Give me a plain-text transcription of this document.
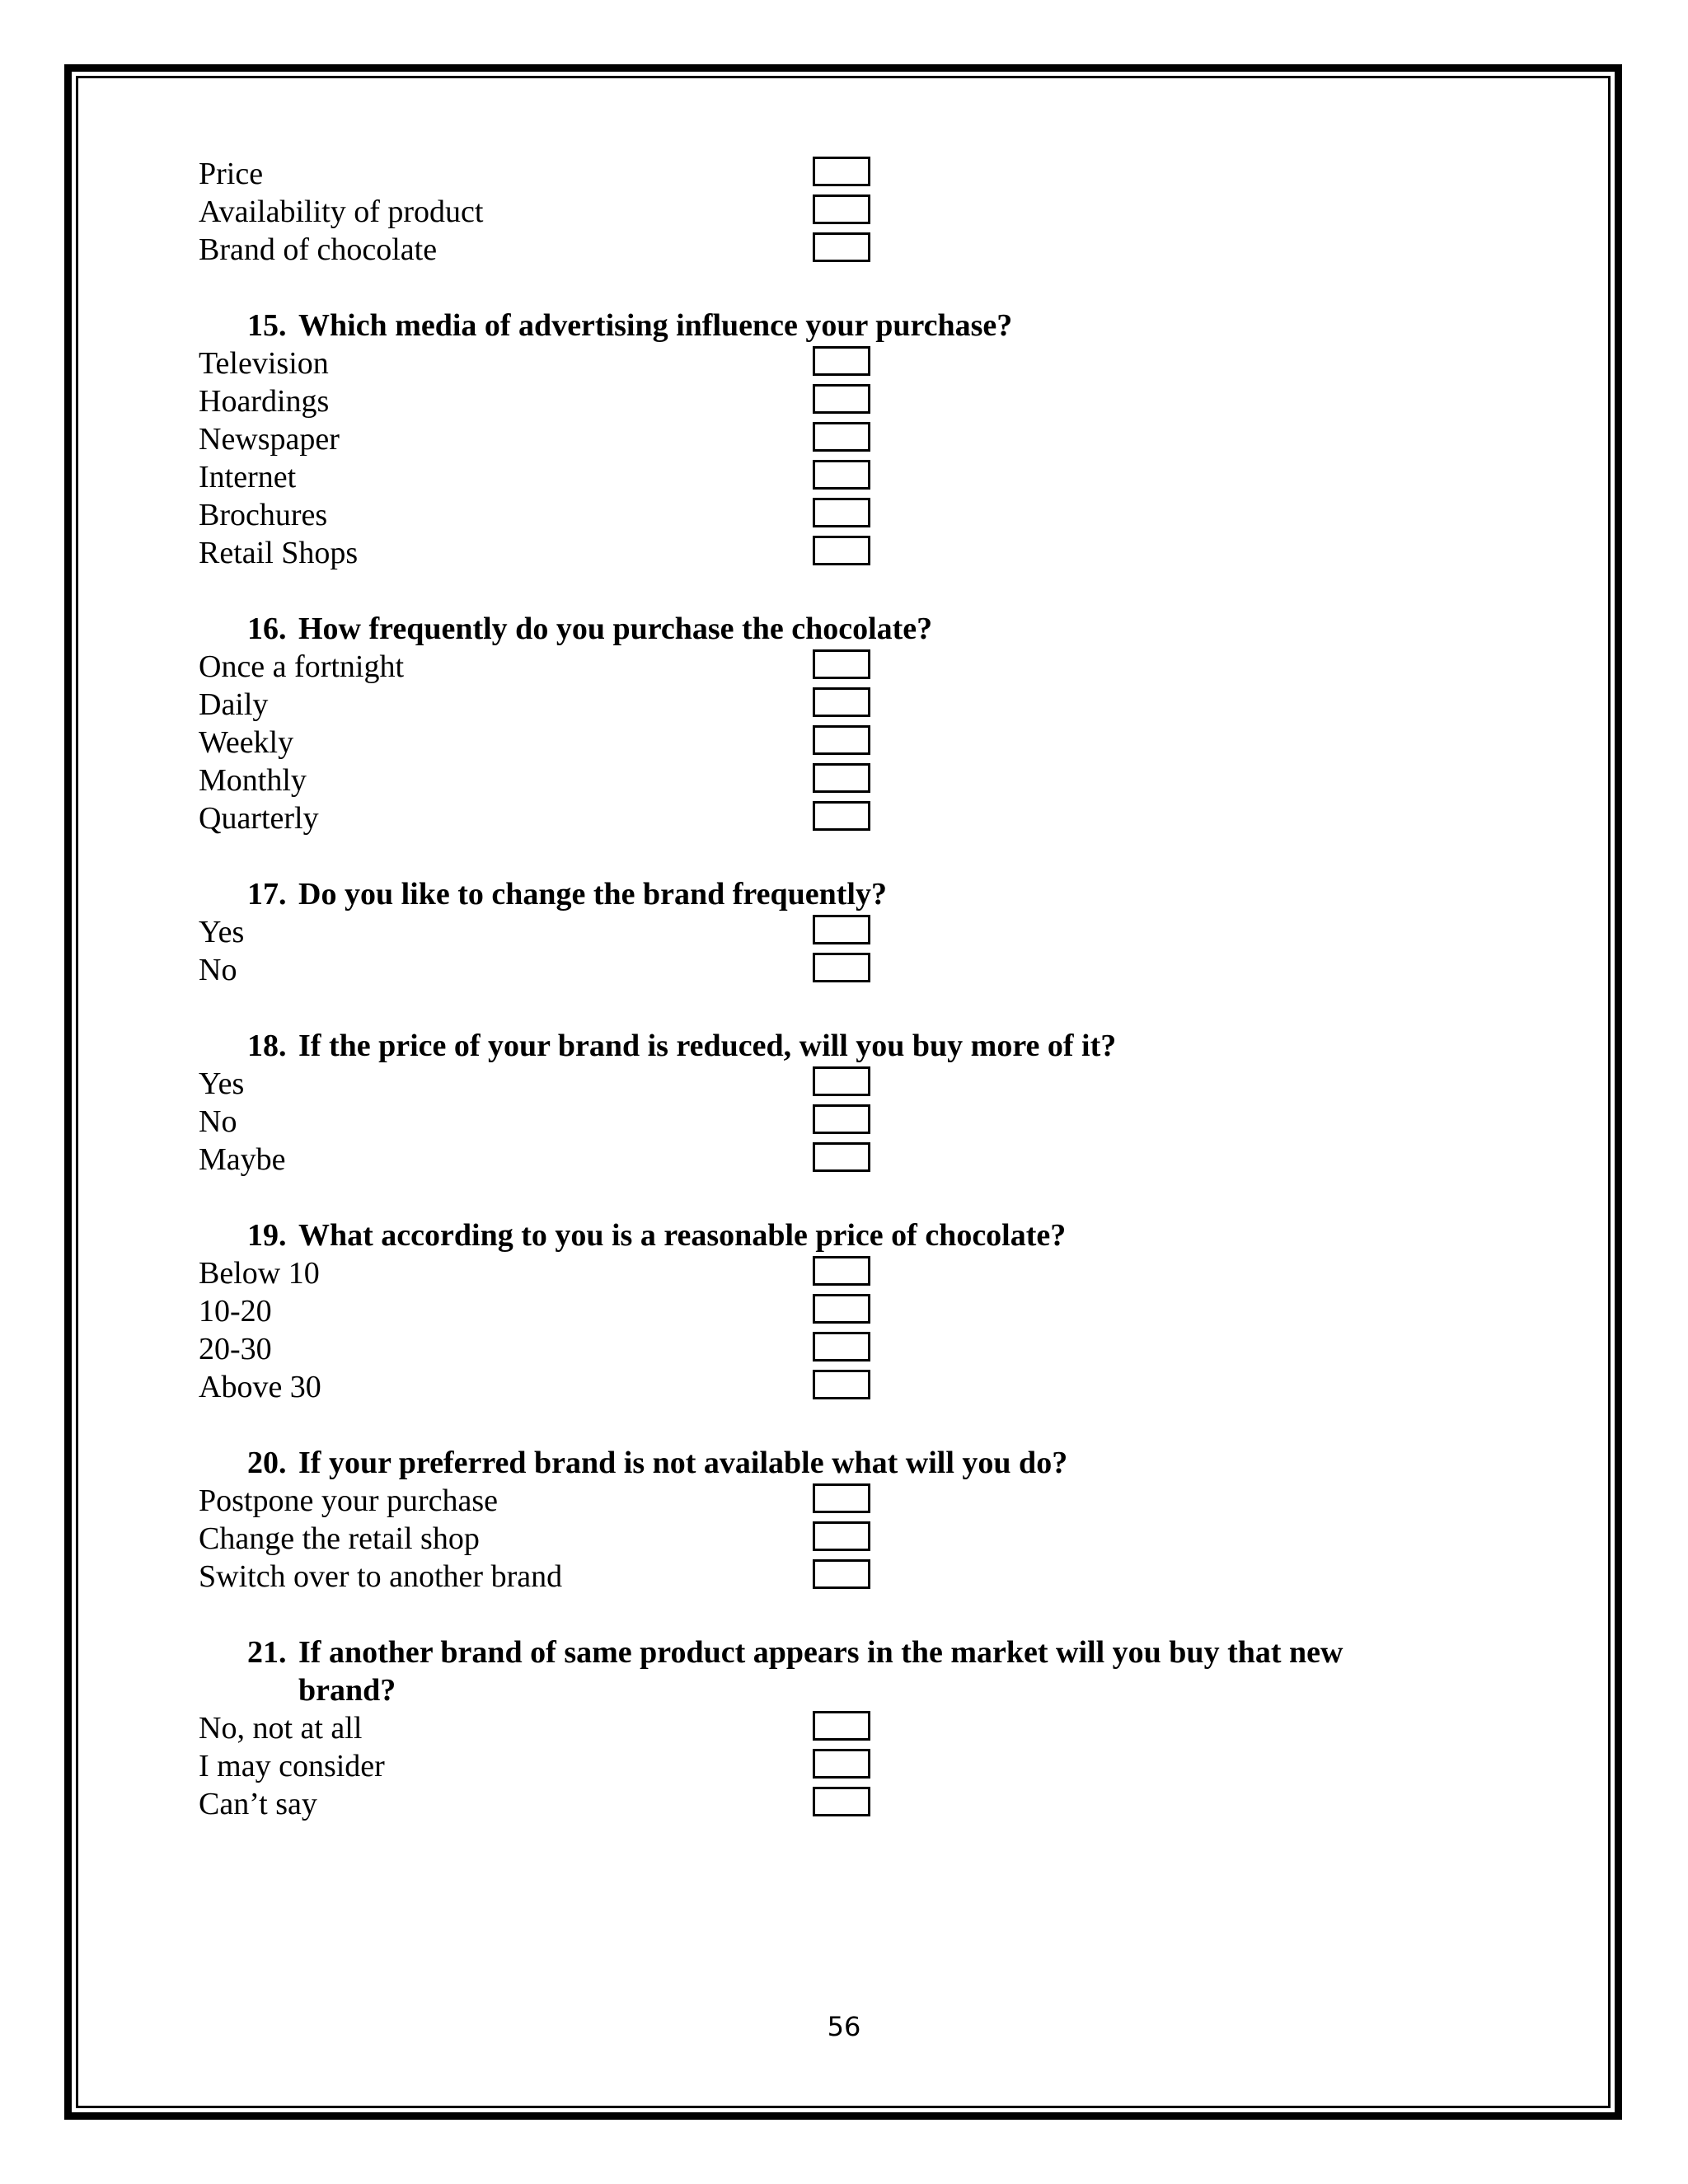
Price
Availability of product
Brand of chocolate
15. Which media of advertising influence your purchase?
Television
Hoardings
Newspaper
Internet
Brochures
Retail Shops
16. How frequently do you purchase the chocolate?
Once a fortnight
Daily
Weekly
Monthly
Quarterly
17. Do you like to change the brand frequently?
Yes
No
18. If the price of your brand is reduced, will you buy more of it?
Yes
No
Maybe
19. What according to you is a reasonable price of chocolate?
Below 10
10-20
20-30
Above 30
20. If your preferred brand is not available what will you do?
Postpone your purchase
Change the retail shop
Switch over to another brand
21. If another brand of same product appears in the market will you buy that new
brand?
No, not at all
I may consider
Can’t say
56
